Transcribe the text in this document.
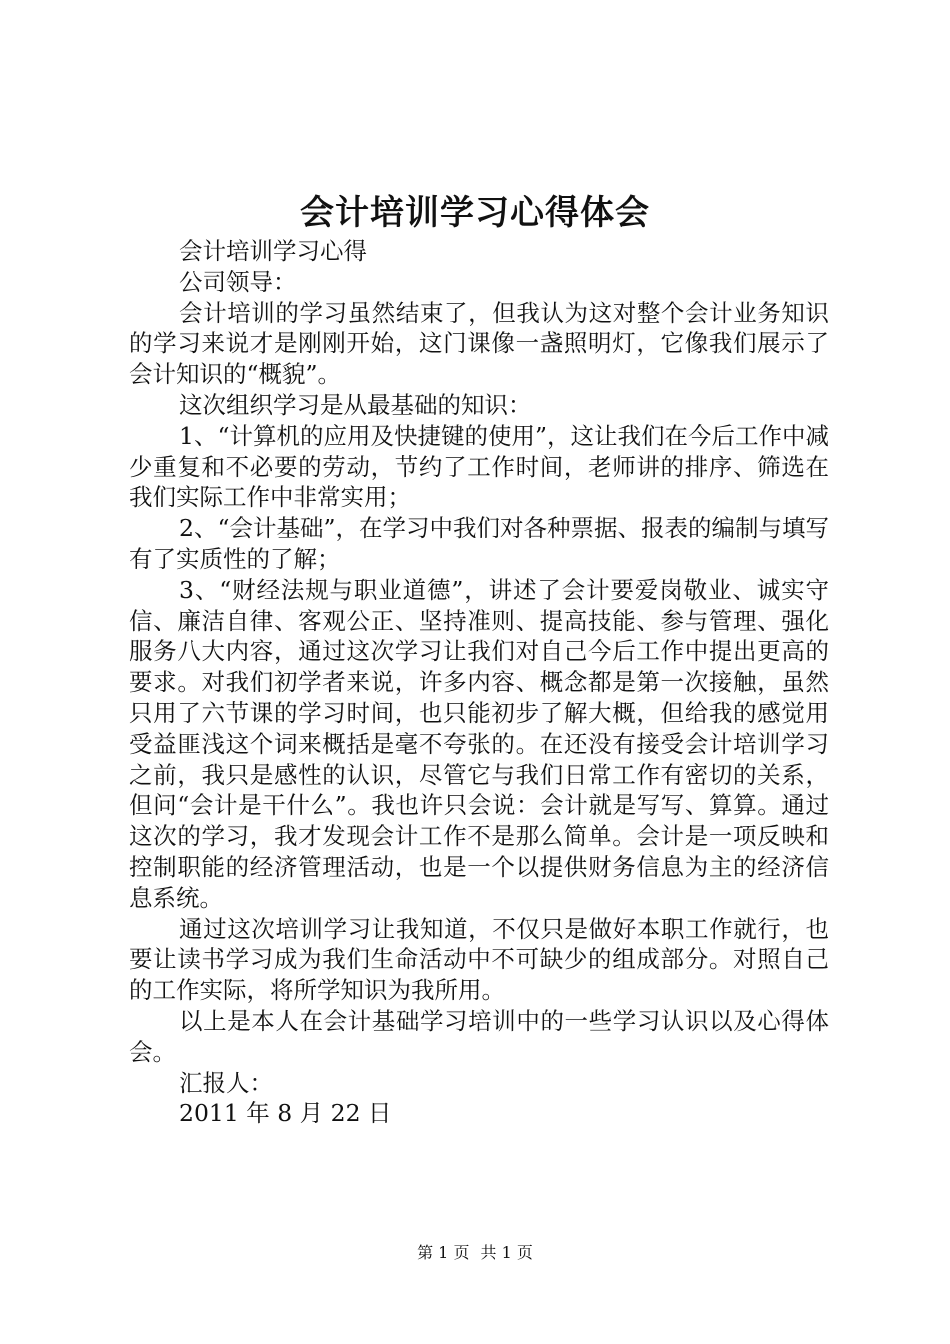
会计培训学习心得体会

会计培训学习心得

公司领导：

会计培训的学习虽然结束了，但我认为这对整个会计业务知识的学习来说才是刚刚开始，这门课像一盏照明灯，它像我们展示了会计知识的“概貌”。

这次组织学习是从最基础的知识：

1、“计算机的应用及快捷键的使用”，这让我们在今后工作中减少重复和不必要的劳动，节约了工作时间，老师讲的排序、筛选在我们实际工作中非常实用；

2、“会计基础”，在学习中我们对各种票据、报表的编制与填写有了实质性的了解；

3、“财经法规与职业道德”，讲述了会计要爱岗敬业、诚实守信、廉洁自律、客观公正、坚持准则、提高技能、参与管理、强化服务八大内容，通过这次学习让我们对自己今后工作中提出更高的要求。对我们初学者来说，许多内容、概念都是第一次接触，虽然只用了六节课的学习时间，也只能初步了解大概，但给我的感觉用受益匪浅这个词来概括是毫不夸张的。在还没有接受会计培训学习之前，我只是感性的认识，尽管它与我们日常工作有密切的关系，但问“会计是干什么”。我也许只会说：会计就是写写、算算。通过这次的学习，我才发现会计工作不是那么简单。会计是一项反映和控制职能的经济管理活动，也是一个以提供财务信息为主的经济信息系统。

通过这次培训学习让我知道，不仅只是做好本职工作就行，也要让读书学习成为我们生命活动中不可缺少的组成部分。对照自己的工作实际，将所学知识为我所用。

以上是本人在会计基础学习培训中的一些学习认识以及心得体会。

汇报人：

2011 年 8 月 22 日

第 1 页 共 1 页
